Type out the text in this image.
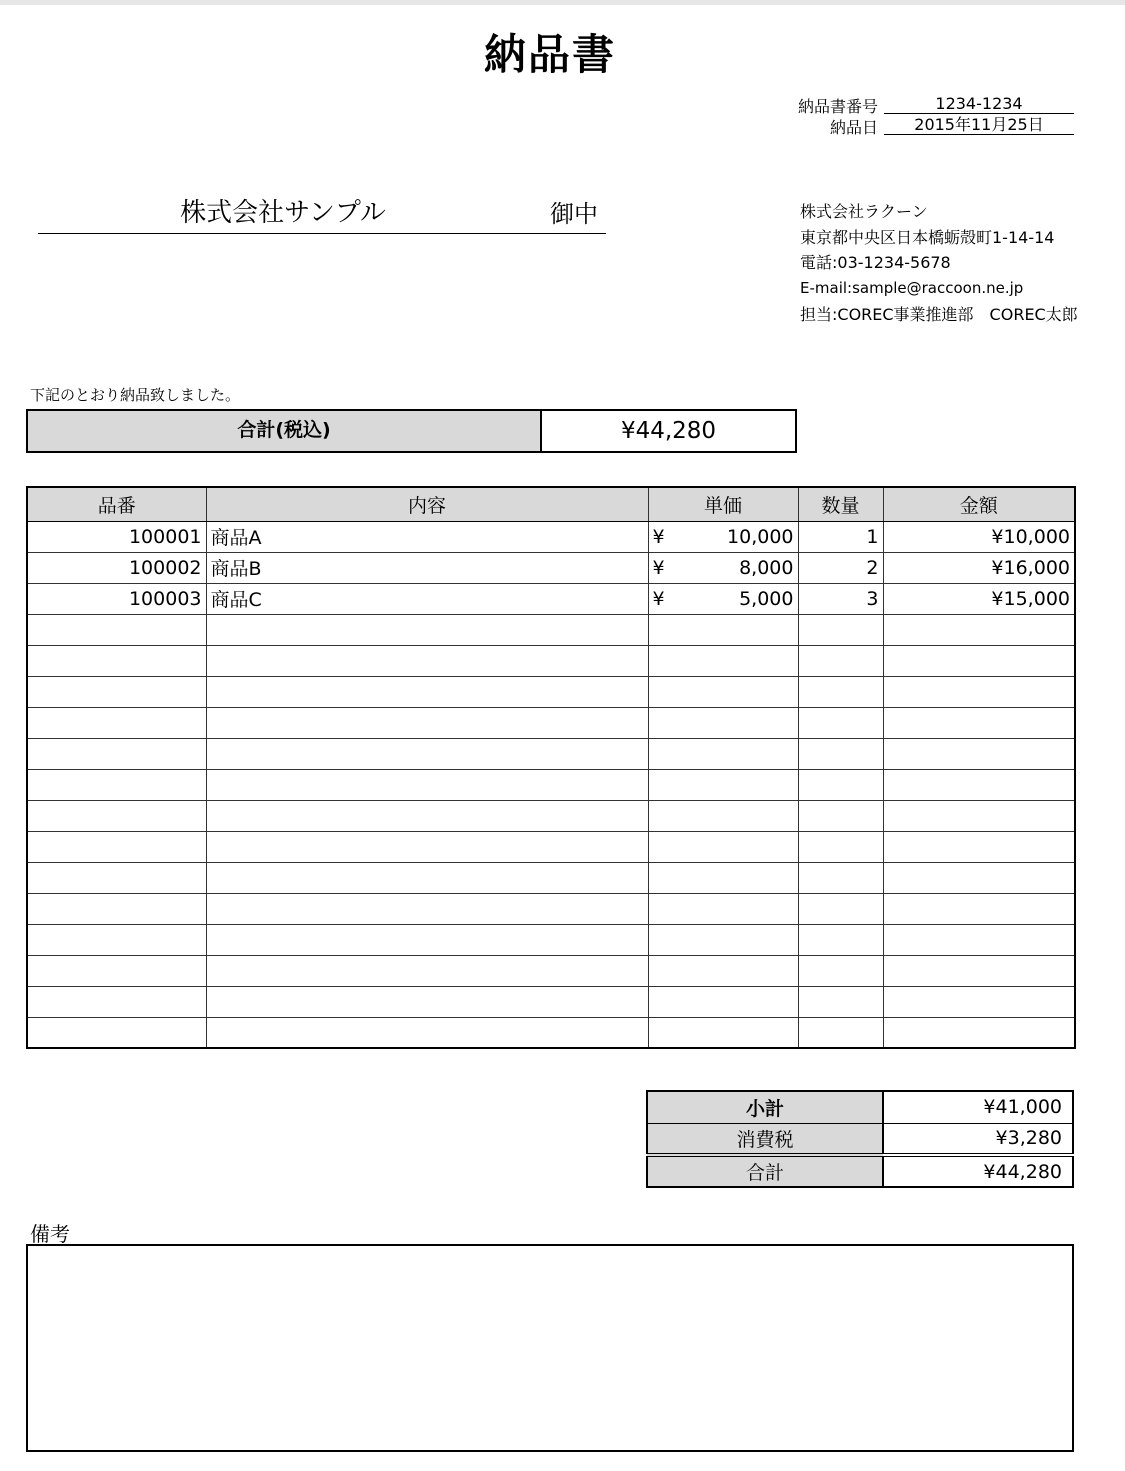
納品書
納品書番号	1234-1234
納品日	2015年11月25日
株式会社サンプル	御中	株式会社ラクーン
東京都中央区日本橋蛎殻町1-14-14
電話:03-1234-5678
E-mail:sample@raccoon.ne.jp
担当:COREC事業推進部　COREC太郎
下記のとおり納品致しました。
合計(税込)	¥44,280
品番	内容	単価	数量	金額
100001	商品A	¥ 10,000	1	¥10,000
100002	商品B	¥ 8,000	2	¥16,000
100003	商品C	¥ 5,000	3	¥15,000

小計	¥41,000
消費税	¥3,280
合計	¥44,280
備考
